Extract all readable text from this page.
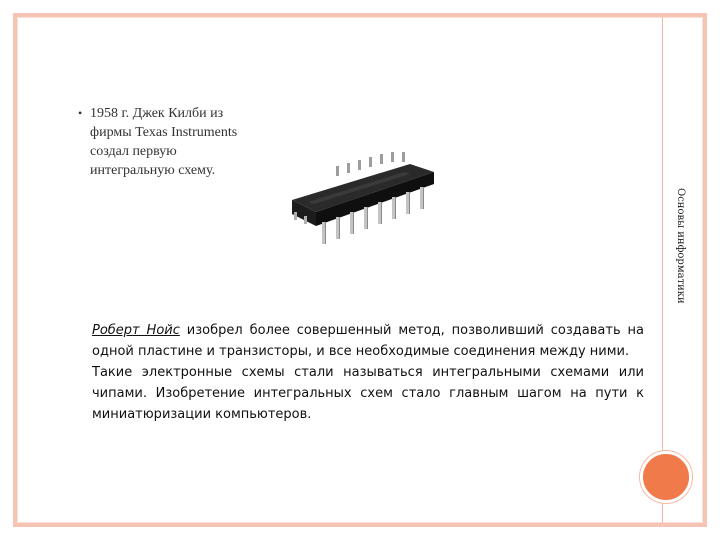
Основы информатики
• 1958 г. Джек Килби из
фирмы Texas Instruments
создал первую
интегральную схему.

Роберт Нойс изобрел более совершенный метод, позволивший создавать на одной пластине и транзисторы, и все необходимые соединения между ними.

Такие электронные схемы стали называться интегральными схемами или чипами. Изобретение интегральных схем стало главным шагом на пути к миниатюризации компьютеров.
